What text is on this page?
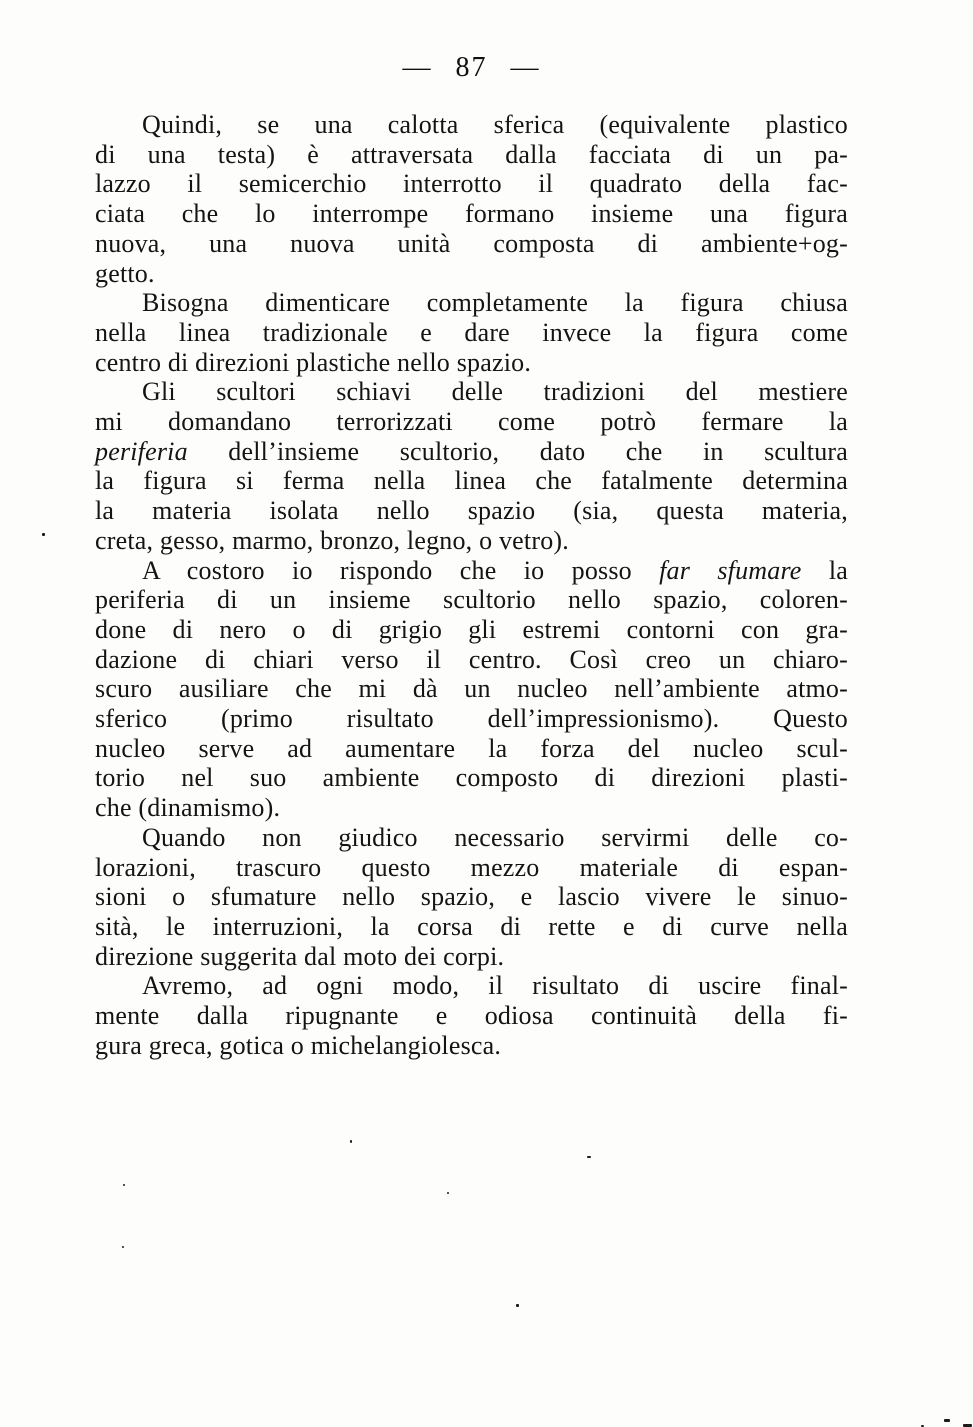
— 87 —

Quindi, se una calotta sferica (equivalente plastico
di una testa) è attraversata dalla facciata di un pa-
lazzo il semicerchio interrotto il quadrato della fac-
ciata che lo interrompe formano insieme una figura
nuova, una nuova unità composta di ambiente+og-
getto.

Bisogna dimenticare completamente la figura chiusa
nella linea tradizionale e dare invece la figura come
centro di direzioni plastiche nello spazio.

Gli scultori schiavi delle tradizioni del mestiere
mi domandano terrorizzati come potrò fermare la
periferia dell’insieme scultorio, dato che in scultura
la figura si ferma nella linea che fatalmente determina
la materia isolata nello spazio (sia, questa materia,
creta, gesso, marmo, bronzo, legno, o vetro).

A costoro io rispondo che io posso far sfumare la
periferia di un insieme scultorio nello spazio, coloren-
done di nero o di grigio gli estremi contorni con gra-
dazione di chiari verso il centro. Così creo un chiaro-
scuro ausiliare che mi dà un nucleo nell’ambiente atmo-
sferico (primo risultato dell’impressionismo). Questo
nucleo serve ad aumentare la forza del nucleo scul-
torio nel suo ambiente composto di direzioni plasti-
che (dinamismo).

Quando non giudico necessario servirmi delle co-
lorazioni, trascuro questo mezzo materiale di espan-
sioni o sfumature nello spazio, e lascio vivere le sinuo-
sità, le interruzioni, la corsa di rette e di curve nella
direzione suggerita dal moto dei corpi.

Avremo, ad ogni modo, il risultato di uscire final-
mente dalla ripugnante e odiosa continuità della fi-
gura greca, gotica o michelangiolesca.
